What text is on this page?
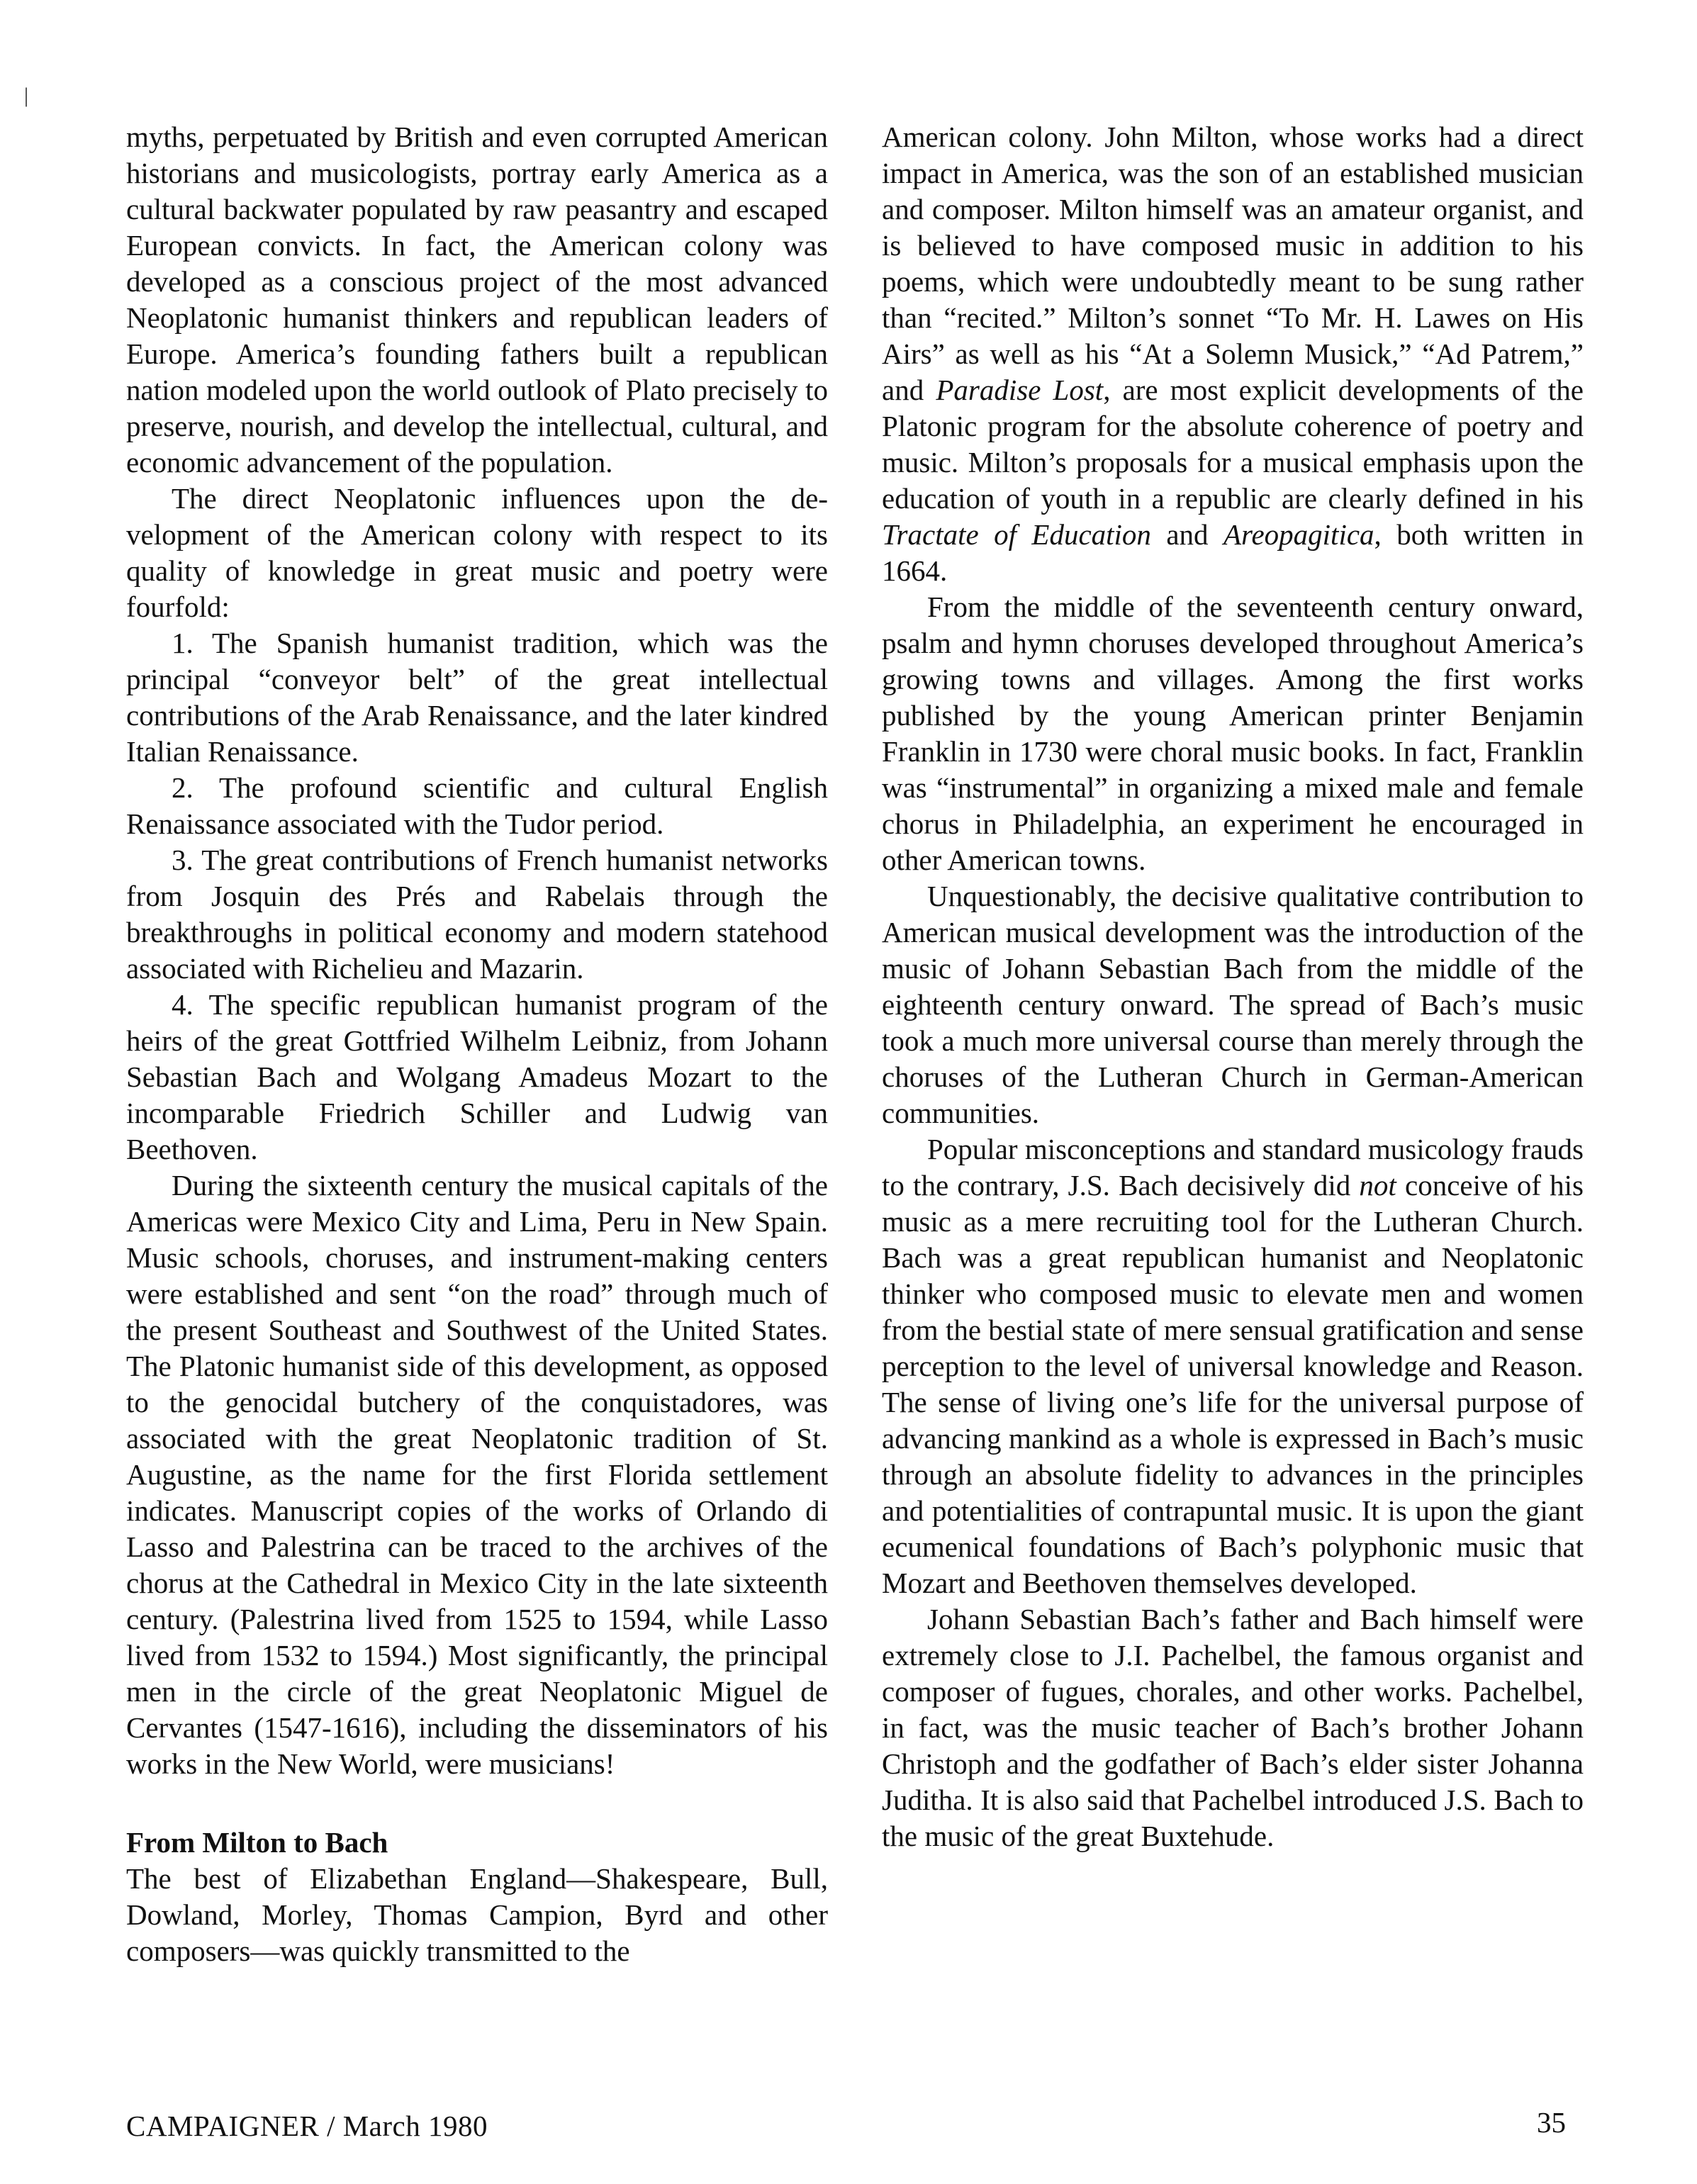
|

myths, perpetuated by British and even corrupted American historians and musicologists, portray early America as a cultural backwater populated by raw peasantry and escaped European convicts. In fact, the American colony was developed as a conscious project of the most advanced Neoplatonic humanist thinkers and republican leaders of Europe. America’s founding fathers built a republican nation modeled upon the world outlook of Plato precisely to preserve, nourish, and develop the intellectual, cultural, and economic advancement of the population.

The direct Neoplatonic influences upon the development of the American colony with respect to its quality of knowledge in great music and poetry were fourfold:

1. The Spanish humanist tradition, which was the principal “conveyor belt” of the great intellectual contributions of the Arab Renaissance, and the later kindred Italian Renaissance.

2. The profound scientific and cultural English Renaissance associated with the Tudor period.

3. The great contributions of French humanist networks from Josquin des Prés and Rabelais through the breakthroughs in political economy and modern statehood associated with Richelieu and Mazarin.

4. The specific republican humanist program of the heirs of the great Gottfried Wilhelm Leibniz, from Johann Sebastian Bach and Wolgang Amadeus Mozart to the incomparable Friedrich Schiller and Ludwig van Beethoven.

During the sixteenth century the musical capitals of the Americas were Mexico City and Lima, Peru in New Spain. Music schools, choruses, and instrument-making centers were established and sent “on the road” through much of the present Southeast and Southwest of the United States. The Platonic humanist side of this development, as opposed to the genocidal butchery of the conquistadores, was associated with the great Neoplatonic tradition of St. Augustine, as the name for the first Florida settlement indicates. Manuscript copies of the works of Orlando di Lasso and Palestrina can be traced to the archives of the chorus at the Cathedral in Mexico City in the late sixteenth century. (Palestrina lived from 1525 to 1594, while Lasso lived from 1532 to 1594.) Most significantly, the principal men in the circle of the great Neoplatonic Miguel de Cervantes (1547-1616), including the disseminators of his works in the New World, were musicians!

From Milton to Bach

The best of Elizabethan England—Shakespeare, Bull, Dowland, Morley, Thomas Campion, Byrd and other composers—was quickly transmitted to the

American colony. John Milton, whose works had a direct impact in America, was the son of an established musician and composer. Milton himself was an amateur organist, and is believed to have composed music in addition to his poems, which were undoubtedly meant to be sung rather than “recited.” Milton’s sonnet “To Mr. H. Lawes on His Airs” as well as his “At a Solemn Musick,” “Ad Patrem,” and Paradise Lost, are most explicit developments of the Platonic program for the absolute coherence of poetry and music. Milton’s proposals for a musical emphasis upon the education of youth in a republic are clearly defined in his Tractate of Education and Areopagitica, both written in 1664.

From the middle of the seventeenth century onward, psalm and hymn choruses developed throughout America’s growing towns and villages. Among the first works published by the young American printer Benjamin Franklin in 1730 were choral music books. In fact, Franklin was “instrumental” in organizing a mixed male and female chorus in Philadelphia, an experiment he encouraged in other American towns.

Unquestionably, the decisive qualitative contribution to American musical development was the introduction of the music of Johann Sebastian Bach from the middle of the eighteenth century onward. The spread of Bach’s music took a much more universal course than merely through the choruses of the Lutheran Church in German-American communities.

Popular misconceptions and standard musicology frauds to the contrary, J.S. Bach decisively did not conceive of his music as a mere recruiting tool for the Lutheran Church. Bach was a great republican humanist and Neoplatonic thinker who composed music to elevate men and women from the bestial state of mere sensual gratification and sense perception to the level of universal knowledge and Reason. The sense of living one’s life for the universal purpose of advancing mankind as a whole is expressed in Bach’s music through an absolute fidelity to advances in the principles and potentialities of contrapuntal music. It is upon the giant ecumenical foundations of Bach’s polyphonic music that Mozart and Beethoven themselves developed.

Johann Sebastian Bach’s father and Bach himself were extremely close to J.I. Pachelbel, the famous organist and composer of fugues, chorales, and other works. Pachelbel, in fact, was the music teacher of Bach’s brother Johann Christoph and the godfather of Bach’s elder sister Johanna Juditha. It is also said that Pachelbel introduced J.S. Bach to the music of the great Buxtehude.

CAMPAIGNER / March 1980	35
